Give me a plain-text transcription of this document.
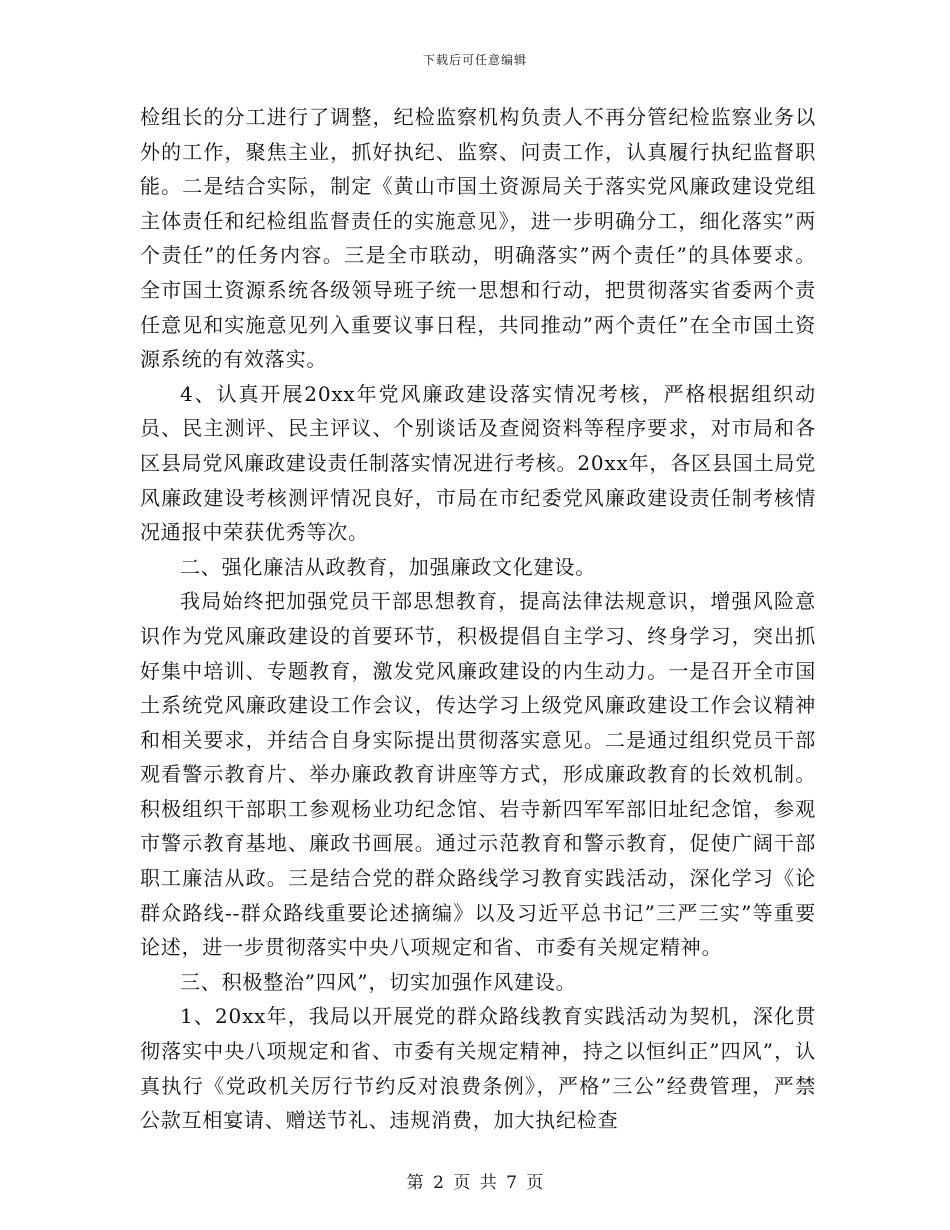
下载后可任意编辑

检组长的分工进行了调整，纪检监察机构负责人不再分管纪检监察业务以外的工作，聚焦主业，抓好执纪、监察、问责工作，认真履行执纪监督职能。二是结合实际，制定《黄山市国土资源局关于落实党风廉政建设党组主体责任和纪检组监督责任的实施意见》，进一步明确分工，细化落实”两个责任”的任务内容。三是全市联动，明确落实”两个责任”的具体要求。全市国土资源系统各级领导班子统一思想和行动，把贯彻落实省委两个责任意见和实施意见列入重要议事日程，共同推动”两个责任”在全市国土资源系统的有效落实。

4、认真开展20xx年党风廉政建设落实情况考核，严格根据组织动员、民主测评、民主评议、个别谈话及查阅资料等程序要求，对市局和各区县局党风廉政建设责任制落实情况进行考核。20xx年，各区县国土局党风廉政建设考核测评情况良好，市局在市纪委党风廉政建设责任制考核情况通报中荣获优秀等次。

二、强化廉洁从政教育，加强廉政文化建设。

我局始终把加强党员干部思想教育，提高法律法规意识，增强风险意识作为党风廉政建设的首要环节，积极提倡自主学习、终身学习，突出抓好集中培训、专题教育，激发党风廉政建设的内生动力。一是召开全市国土系统党风廉政建设工作会议，传达学习上级党风廉政建设工作会议精神和相关要求，并结合自身实际提出贯彻落实意见。二是通过组织党员干部观看警示教育片、举办廉政教育讲座等方式，形成廉政教育的长效机制。积极组织干部职工参观杨业功纪念馆、岩寺新四军军部旧址纪念馆，参观市警示教育基地、廉政书画展。通过示范教育和警示教育，促使广阔干部职工廉洁从政。三是结合党的群众路线学习教育实践活动，深化学习《论群众路线--群众路线重要论述摘编》以及习近平总书记”三严三实”等重要论述，进一步贯彻落实中央八项规定和省、市委有关规定精神。

三、积极整治”四风”，切实加强作风建设。

1、20xx年，我局以开展党的群众路线教育实践活动为契机，深化贯彻落实中央八项规定和省、市委有关规定精神，持之以恒纠正”四风”，认真执行《党政机关厉行节约反对浪费条例》，严格”三公”经费管理，严禁公款互相宴请、赠送节礼、违规消费，加大执纪检查

第 2 页 共 7 页
